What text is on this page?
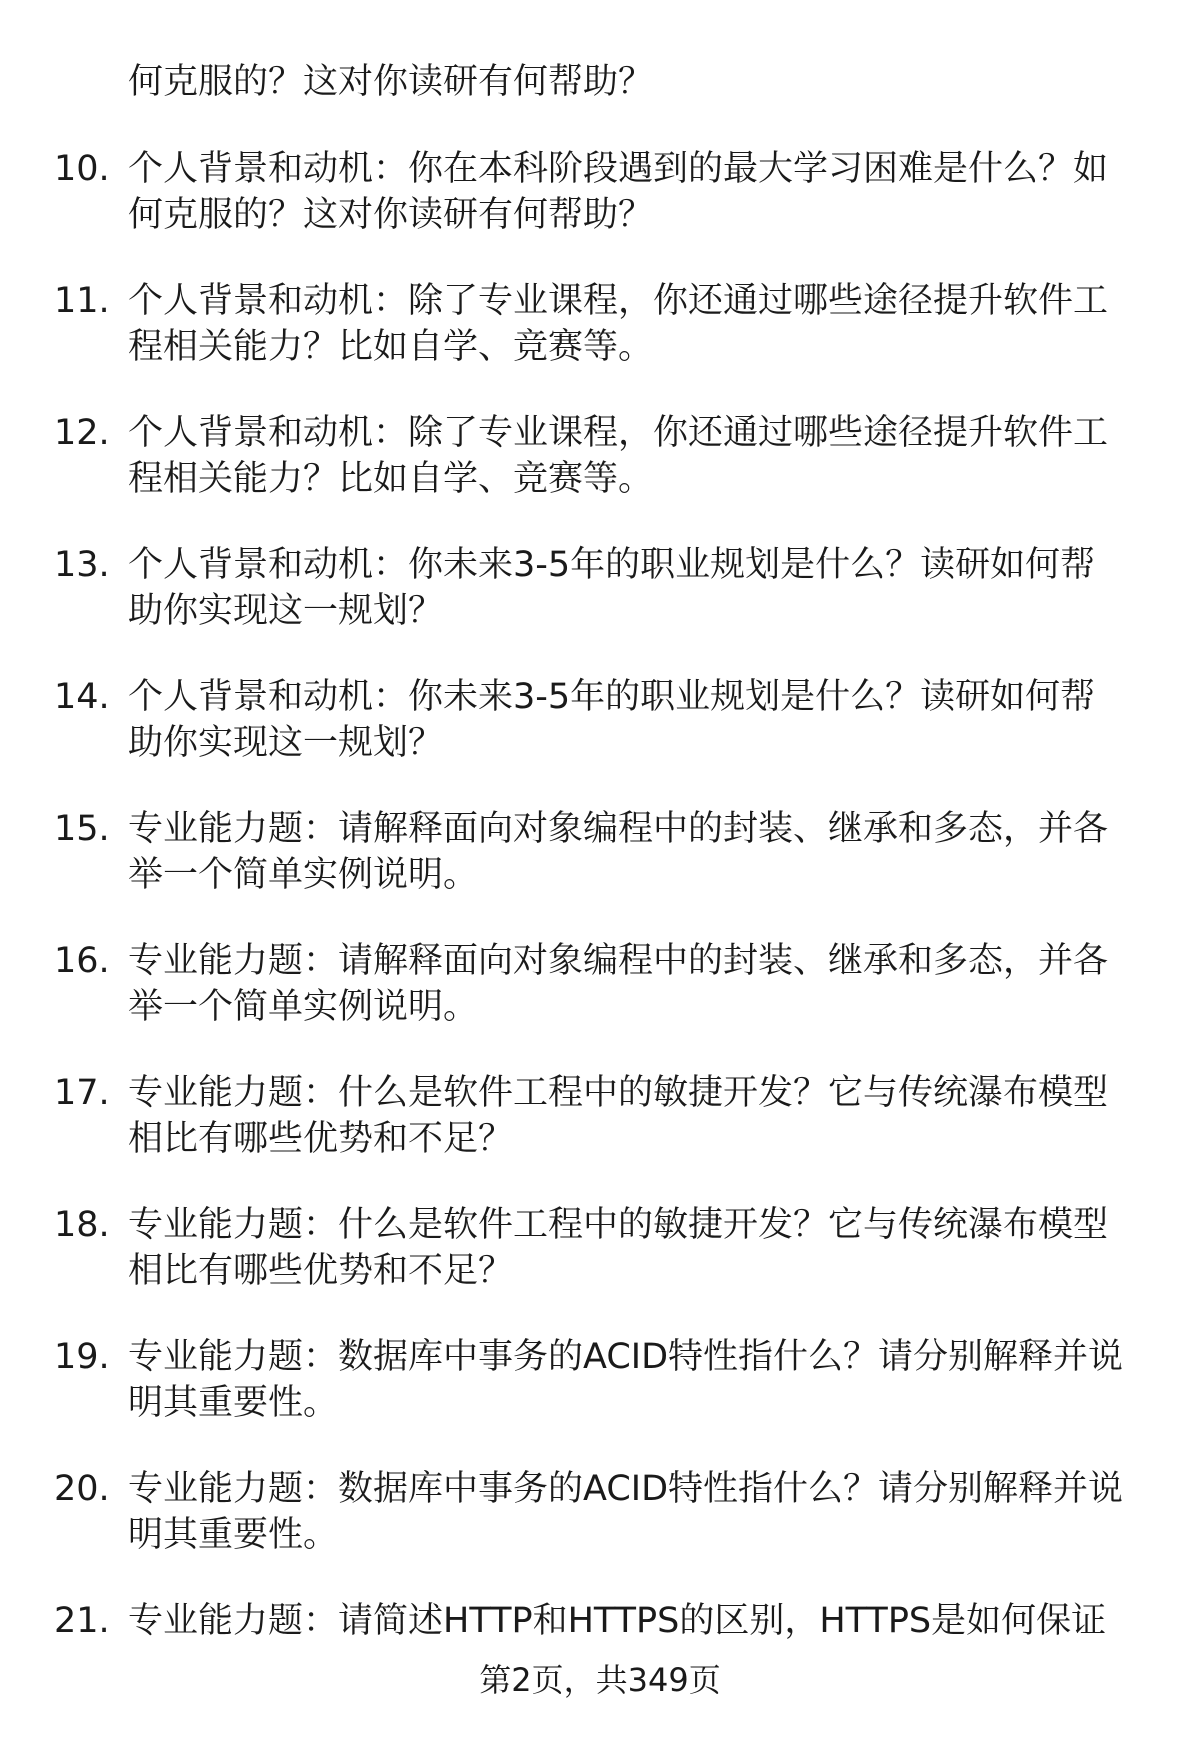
何克服的？这对你读研有何帮助？
10. 个人背景和动机：你在本科阶段遇到的最大学习困难是什么？如
何克服的？这对你读研有何帮助？
11. 个人背景和动机：除了专业课程，你还通过哪些途径提升软件工
程相关能力？比如自学、竞赛等。
12. 个人背景和动机：除了专业课程，你还通过哪些途径提升软件工
程相关能力？比如自学、竞赛等。
13. 个人背景和动机：你未来3-5年的职业规划是什么？读研如何帮
助你实现这一规划？
14. 个人背景和动机：你未来3-5年的职业规划是什么？读研如何帮
助你实现这一规划？
15. 专业能力题：请解释面向对象编程中的封装、继承和多态，并各
举一个简单实例说明。
16. 专业能力题：请解释面向对象编程中的封装、继承和多态，并各
举一个简单实例说明。
17. 专业能力题：什么是软件工程中的敏捷开发？它与传统瀑布模型
相比有哪些优势和不足？
18. 专业能力题：什么是软件工程中的敏捷开发？它与传统瀑布模型
相比有哪些优势和不足？
19. 专业能力题：数据库中事务的ACID特性指什么？请分别解释并说
明其重要性。
20. 专业能力题：数据库中事务的ACID特性指什么？请分别解释并说
明其重要性。
21. 专业能力题：请简述HTTP和HTTPS的区别，HTTPS是如何保证
第2页，共349页
